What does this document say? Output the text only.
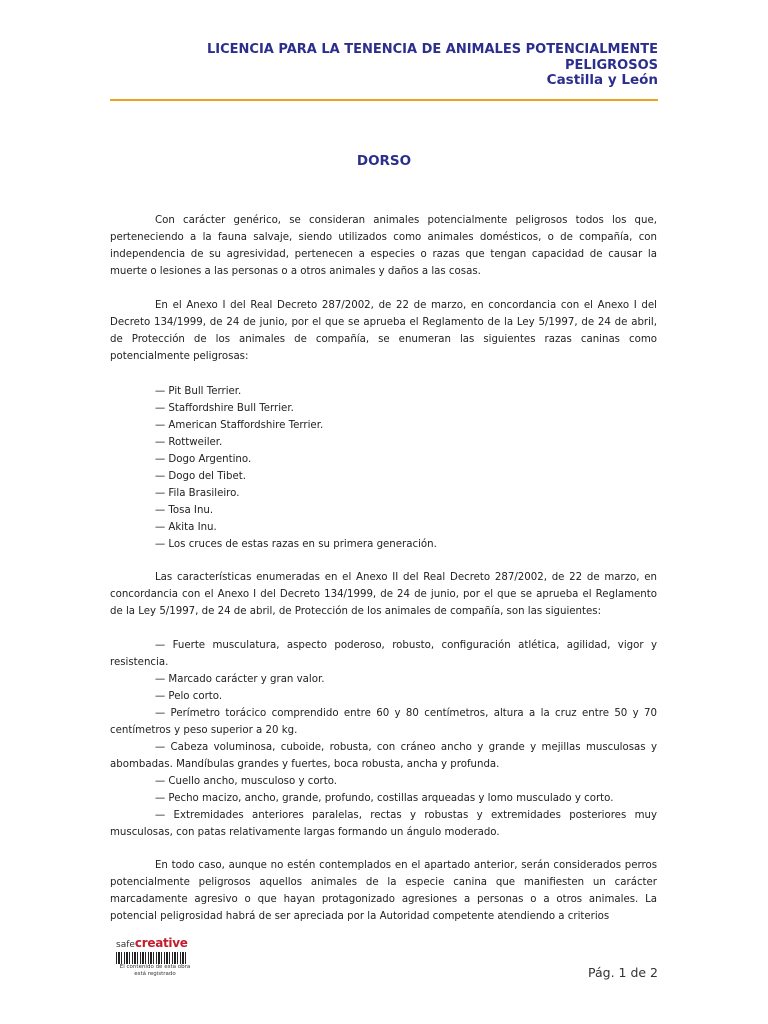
LICENCIA PARA LA TENENCIA DE ANIMALES POTENCIALMENTE
PELIGROSOS
Castilla y León
DORSO

Con carácter genérico, se consideran animales potencialmente peligrosos todos los que, perteneciendo a la fauna salvaje, siendo utilizados como animales domésticos, o de compañía, con independencia de su agresividad, pertenecen a especies o razas que tengan capacidad de causar la muerte o lesiones a las personas o a otros animales y daños a las cosas.

En el Anexo I del Real Decreto 287/2002, de 22 de marzo, en concordancia con el Anexo I del Decreto 134/1999, de 24 de junio, por el que se aprueba el Reglamento de la Ley 5/1997, de 24 de abril, de Protección de los animales de compañía, se enumeran las siguientes razas caninas como potencialmente peligrosas:

— Pit Bull Terrier.
— Staffordshire Bull Terrier.
— American Staffordshire Terrier.
— Rottweiler.
— Dogo Argentino.
— Dogo del Tibet.
— Fila Brasileiro.
— Tosa Inu.
— Akita Inu.
— Los cruces de estas razas en su primera generación.

Las características enumeradas en el Anexo II del Real Decreto 287/2002, de 22 de marzo, en concordancia con el Anexo I del Decreto 134/1999, de 24 de junio, por el que se aprueba el Reglamento de la Ley 5/1997, de 24 de abril, de Protección de los animales de compañía, son las siguientes:

— Fuerte musculatura, aspecto poderoso, robusto, configuración atlética, agilidad, vigor y resistencia.
— Marcado carácter y gran valor.
— Pelo corto.
— Perímetro torácico comprendido entre 60 y 80 centímetros, altura a la cruz entre 50 y 70 centímetros y peso superior a 20 kg.
— Cabeza voluminosa, cuboide, robusta, con cráneo ancho y grande y mejillas musculosas y abombadas. Mandíbulas grandes y fuertes, boca robusta, ancha y profunda.
— Cuello ancho, musculoso y corto.
— Pecho macizo, ancho, grande, profundo, costillas arqueadas y lomo musculado y corto.
— Extremidades anteriores paralelas, rectas y robustas y extremidades posteriores muy musculosas, con patas relativamente largas formando un ángulo moderado.

En todo caso, aunque no estén contemplados en el apartado anterior, serán considerados perros potencialmente peligrosos aquellos animales de la especie canina que manifiesten un carácter marcadamente agresivo o que hayan protagonizado agresiones a personas o a otros animales. La potencial peligrosidad habrá de ser apreciada por la Autoridad competente atendiendo a criterios

safecreative
El contenido de esta obra
está registrado	Pág. 1 de 2
